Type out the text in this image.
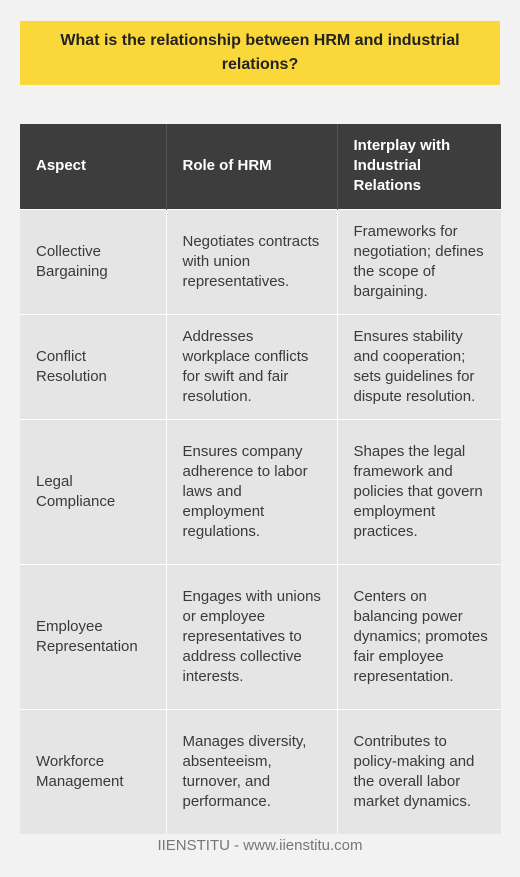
What is the relationship between HRM and industrial relations?
Aspect	Role of HRM	Interplay with Industrial Relations
Collective Bargaining	Negotiates contracts with union representatives.	Frameworks for negotiation; defines the scope of bargaining.
Conflict Resolution	Addresses workplace conflicts for swift and fair resolution.	Ensures stability and cooperation; sets guidelines for dispute resolution.
Legal Compliance	Ensures company adherence to labor laws and employment regulations.	Shapes the legal framework and policies that govern employment practices.
Employee Representation	Engages with unions or employee representatives to address collective interests.	Centers on balancing power dynamics; promotes fair employee representation.
Workforce Management	Manages diversity, absenteeism, turnover, and performance.	Contributes to policy-making and the overall labor market dynamics.
IIENSTITU - www.iienstitu.com
